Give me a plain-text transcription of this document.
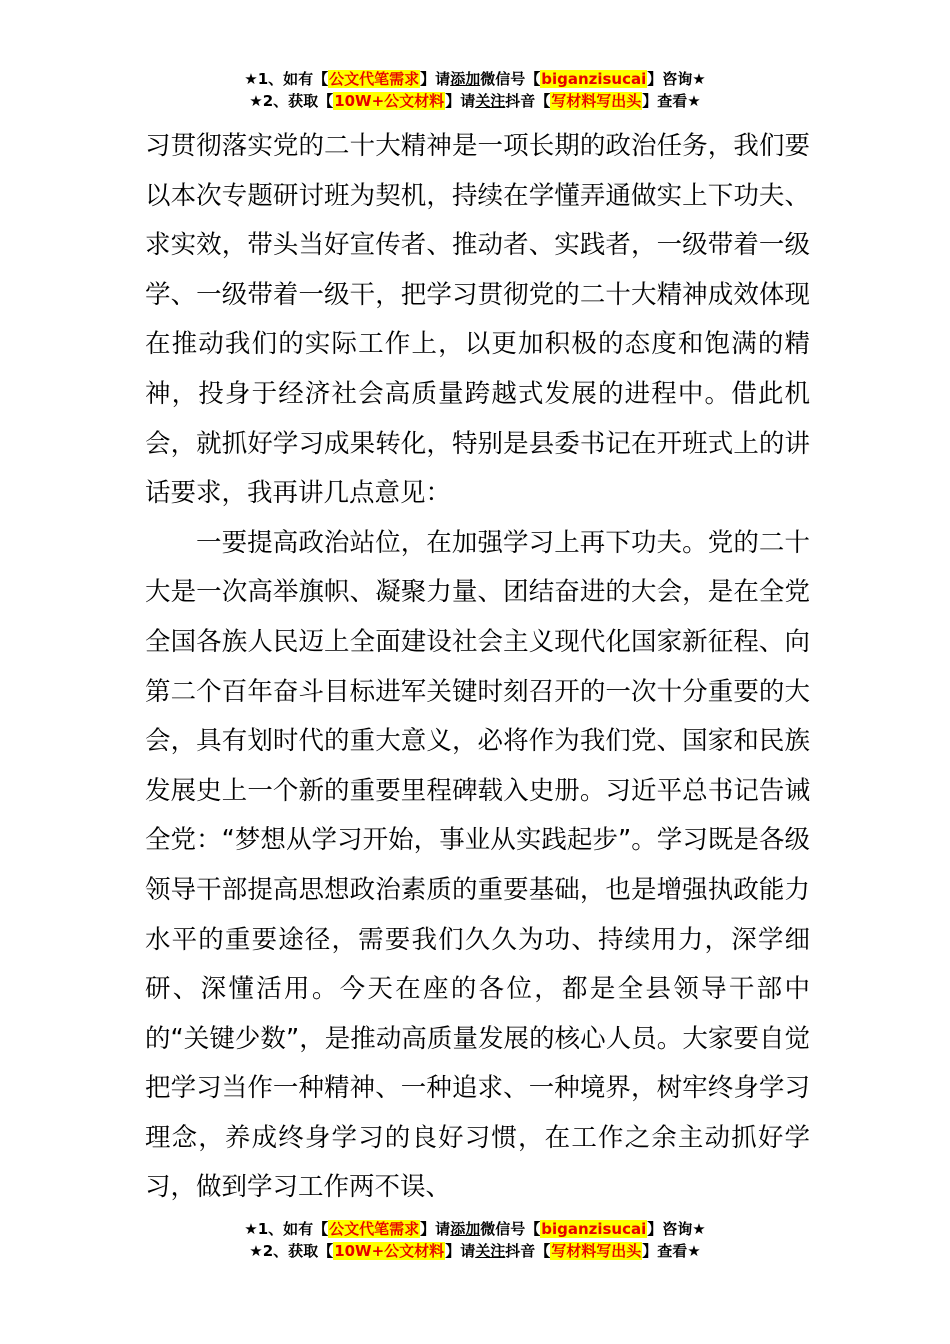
★1、如有【公文代笔需求】请添加微信号【biganzisucai】咨询★
★2、获取【10W+公文材料】请关注抖音【写材料写出头】查看★

习贯彻落实党的二十大精神是一项长期的政治任务，我们要以本次专题研讨班为契机，持续在学懂弄通做实上下功夫、求实效，带头当好宣传者、推动者、实践者，一级带着一级学、一级带着一级干，把学习贯彻党的二十大精神成效体现在推动我们的实际工作上，以更加积极的态度和饱满的精神，投身于经济社会高质量跨越式发展的进程中。借此机会，就抓好学习成果转化，特别是县委书记在开班式上的讲话要求，我再讲几点意见：

一要提高政治站位，在加强学习上再下功夫。党的二十大是一次高举旗帜、凝聚力量、团结奋进的大会，是在全党全国各族人民迈上全面建设社会主义现代化国家新征程、向第二个百年奋斗目标进军关键时刻召开的一次十分重要的大会，具有划时代的重大意义，必将作为我们党、国家和民族发展史上一个新的重要里程碑载入史册。习近平总书记告诫全党：“梦想从学习开始，事业从实践起步”。学习既是各级领导干部提高思想政治素质的重要基础，也是增强执政能力水平的重要途径，需要我们久久为功、持续用力，深学细研、深懂活用。今天在座的各位，都是全县领导干部中的“关键少数”，是推动高质量发展的核心人员。大家要自觉把学习当作一种精神、一种追求、一种境界，树牢终身学习理念，养成终身学习的良好习惯，在工作之余主动抓好学习，做到学习工作两不误、

★1、如有【公文代笔需求】请添加微信号【biganzisucai】咨询★
★2、获取【10W+公文材料】请关注抖音【写材料写出头】查看★
